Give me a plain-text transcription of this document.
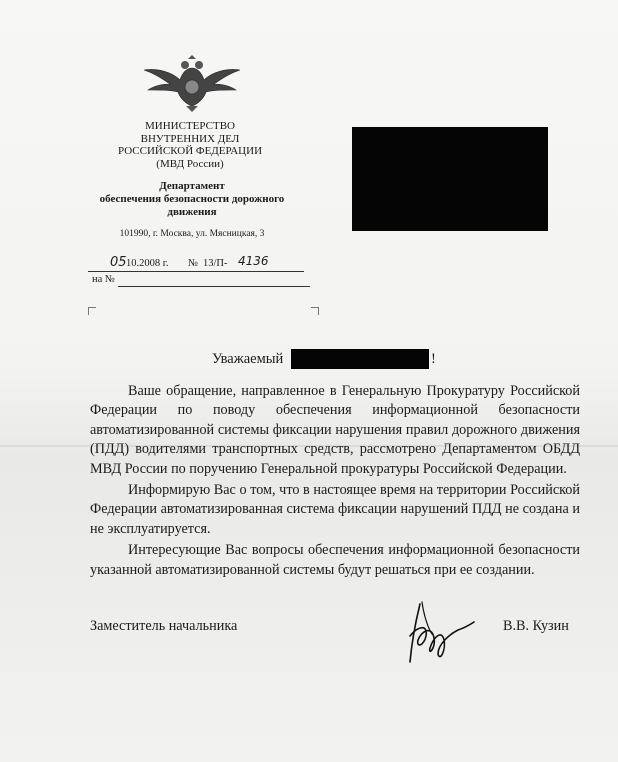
МИНИСТЕРСТВО
ВНУТРЕННИХ ДЕЛ
РОССИЙСКОЙ ФЕДЕРАЦИИ
(МВД России)
Департамент
обеспечения безопасности дорожного
движения
101990, г. Москва, ул. Мясницкая, 3
05 10.2008 г. № 13/П- 4136
на №
Уважаемый	!

Ваше обращение, направленное в Генеральную Прокуратуру Российской Федерации по поводу обеспечения информационной безопасности автоматизированной системы фиксации нарушения правил дорожного движения (ПДД) водителями транспортных средств, рассмотрено Департаментом ОБДД МВД России по поручению Генеральной прокуратуры Российской Федерации.

Информирую Вас о том, что в настоящее время на территории Российской Федерации автоматизированная система фиксации нарушений ПДД не создана и не эксплуатируется.

Интересующие Вас вопросы обеспечения информационной безопасности указанной автоматизированной системы будут решаться при ее создании.

Заместитель начальника	В.В. Кузин
